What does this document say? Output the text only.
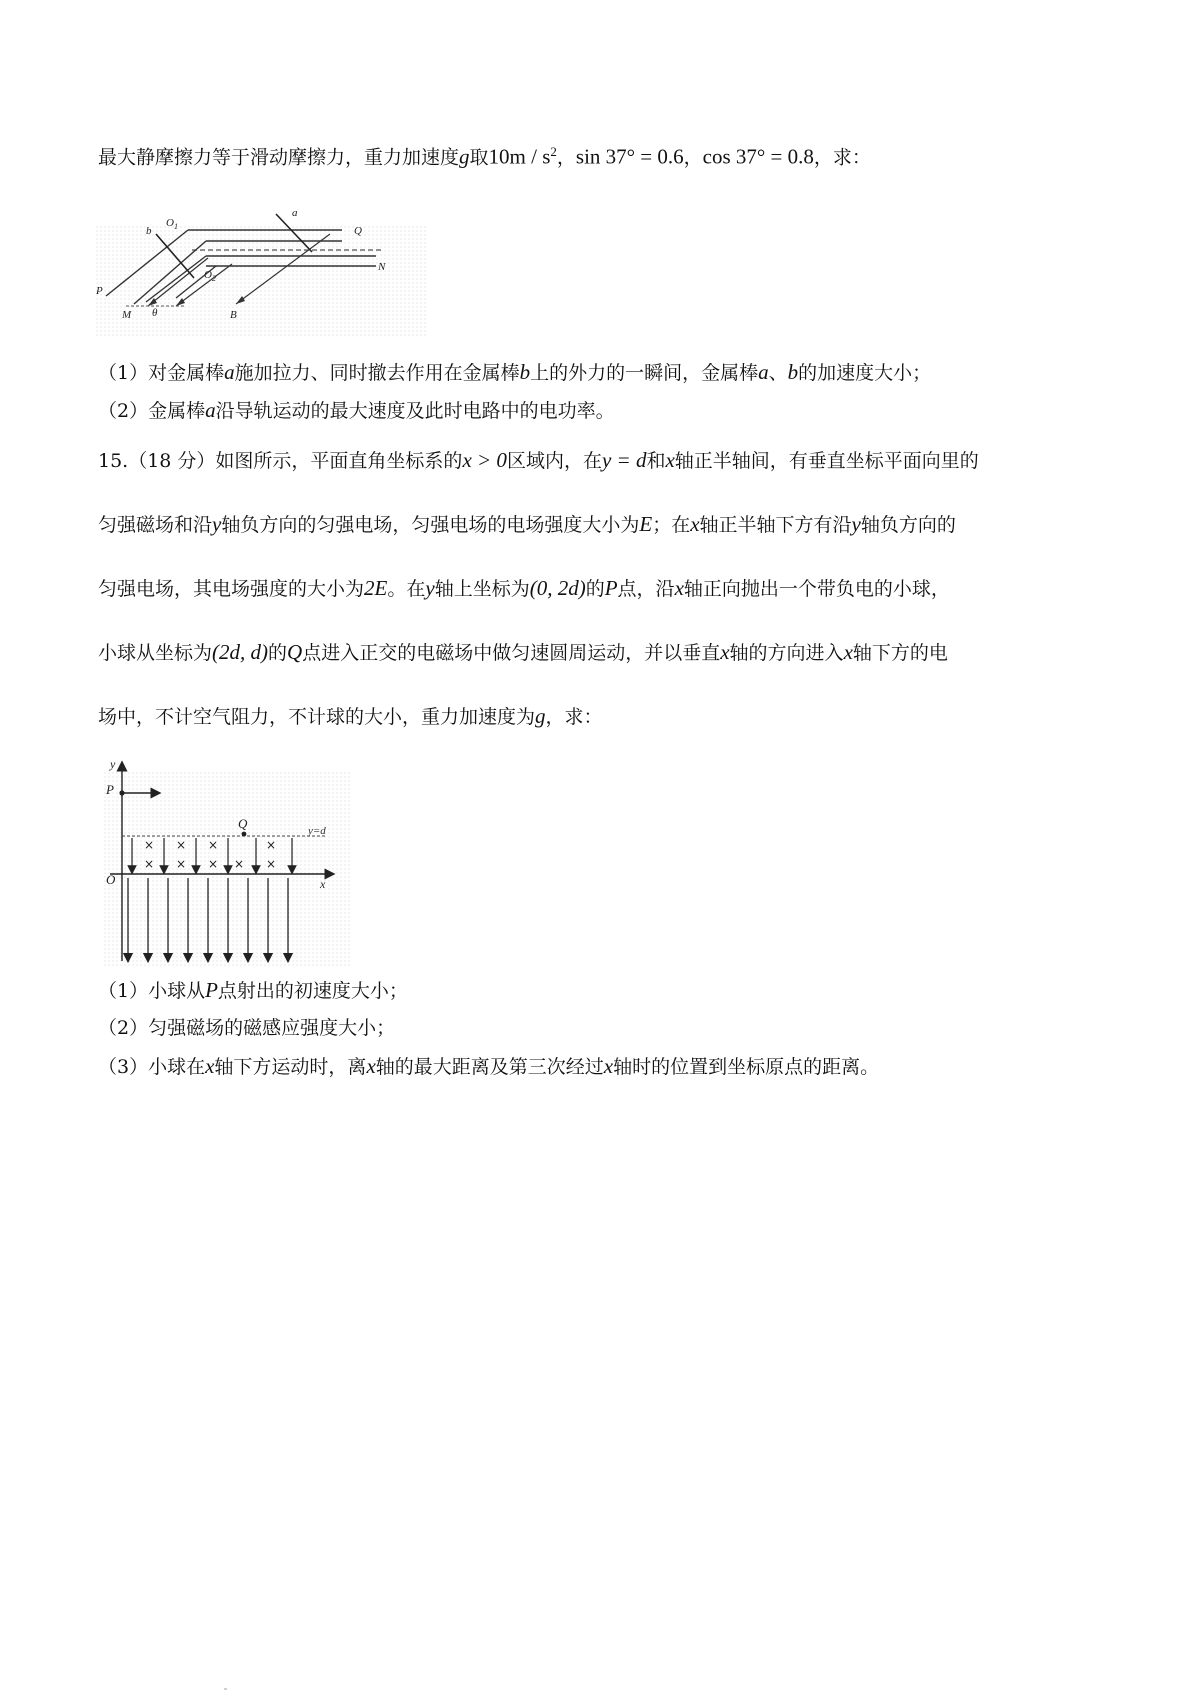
最大静摩擦力等于滑动摩擦力，重力加速度g取$10m / s^2$，sin 37° = 0.6，cos 37° = 0.8，求：
$O_1$
b
a
Q
$O_2$
N
P
M θ	B
（1）对金属棒a施加拉力、同时撤去作用在金属棒b上的外力的一瞬间，金属棒a、b的加速度大小；
（2）金属棒a沿导轨运动的最大速度及此时电路中的电功率。
15.（18 分）如图所示，平面直角坐标系的x > 0区域内，在y = d和x轴正半轴间，有垂直坐标平面向里的
匀强磁场和沿y轴负方向的匀强电场，匀强电场的电场强度大小为E；在x轴正半轴下方有沿y轴负方向的
匀强电场，其电场强度的大小为2E。在y轴上坐标为(0, 2d)的P点，沿x轴正向抛出一个带负电的小球，
小球从坐标为(2d, d)的Q点进入正交的电磁场中做匀速圆周运动，并以垂直x轴的方向进入x轴下方的电
场中，不计空气阻力，不计球的大小，重力加速度为g，求：
× × ×	×
× × × × ×
y
P
Q	y=d
O	x
（1）小球从P点射出的初速度大小；
（2）匀强磁场的磁感应强度大小；
（3）小球在x轴下方运动时，离x轴的最大距离及第三次经过x轴时的位置到坐标原点的距离。
